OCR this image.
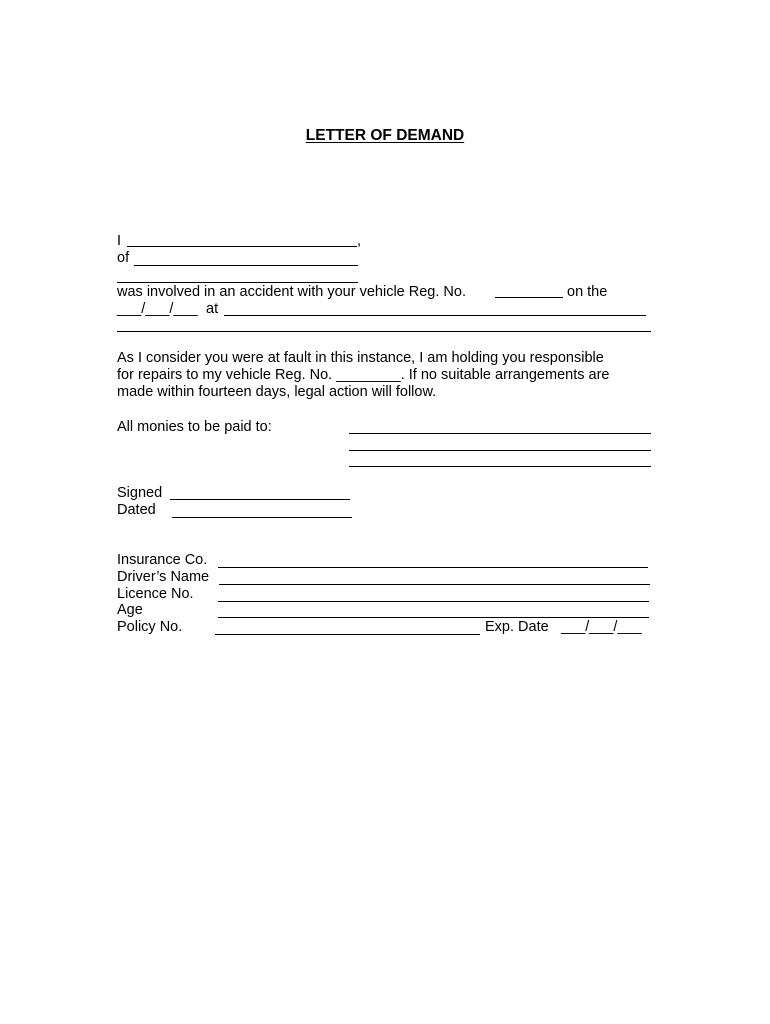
LETTER OF DEMAND
I	,
of
was involved in an accident with your vehicle Reg. No.	on the
___/___/___ at
As I consider you were at fault in this instance, I am holding you responsible
for repairs to my vehicle Reg. No. ________. If no suitable arrangements are
made within fourteen days, legal action will follow.
All monies to be paid to:
Signed
Dated
Insurance Co.
Driver’s Name
Licence No.
Age
Policy No.	Exp. Date ___/___/___
